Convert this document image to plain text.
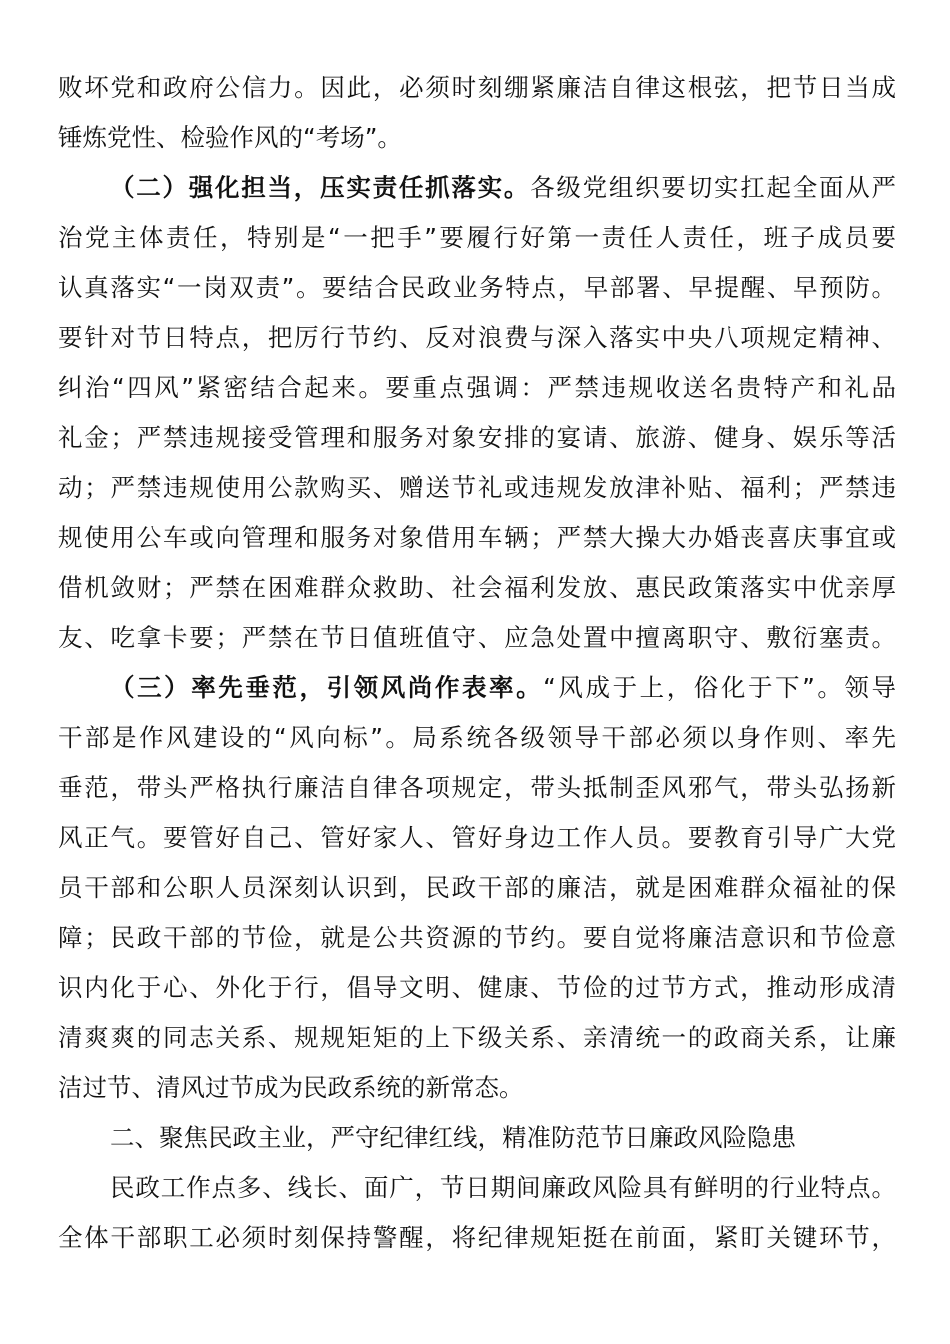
败坏党和政府公信力。因此，必须时刻绷紧廉洁自律这根弦，把节日当成
锤炼党性、检验作风的“考场”。
（二）强化担当，压实责任抓落实。各级党组织要切实扛起全面从严
治党主体责任，特别是“一把手”要履行好第一责任人责任，班子成员要
认真落实“一岗双责”。要结合民政业务特点，早部署、早提醒、早预防。
要针对节日特点，把厉行节约、反对浪费与深入落实中央八项规定精神、
纠治“四风”紧密结合起来。要重点强调：严禁违规收送名贵特产和礼品
礼金；严禁违规接受管理和服务对象安排的宴请、旅游、健身、娱乐等活
动；严禁违规使用公款购买、赠送节礼或违规发放津补贴、福利；严禁违
规使用公车或向管理和服务对象借用车辆；严禁大操大办婚丧喜庆事宜或
借机敛财；严禁在困难群众救助、社会福利发放、惠民政策落实中优亲厚
友、吃拿卡要；严禁在节日值班值守、应急处置中擅离职守、敷衍塞责。
（三）率先垂范，引领风尚作表率。“风成于上，俗化于下”。领导
干部是作风建设的“风向标”。局系统各级领导干部必须以身作则、率先
垂范，带头严格执行廉洁自律各项规定，带头抵制歪风邪气，带头弘扬新
风正气。要管好自己、管好家人、管好身边工作人员。要教育引导广大党
员干部和公职人员深刻认识到，民政干部的廉洁，就是困难群众福祉的保
障；民政干部的节俭，就是公共资源的节约。要自觉将廉洁意识和节俭意
识内化于心、外化于行，倡导文明、健康、节俭的过节方式，推动形成清
清爽爽的同志关系、规规矩矩的上下级关系、亲清统一的政商关系，让廉
洁过节、清风过节成为民政系统的新常态。
二、聚焦民政主业，严守纪律红线，精准防范节日廉政风险隐患
民政工作点多、线长、面广，节日期间廉政风险具有鲜明的行业特点。
全体干部职工必须时刻保持警醒，将纪律规矩挺在前面，紧盯关键环节，
